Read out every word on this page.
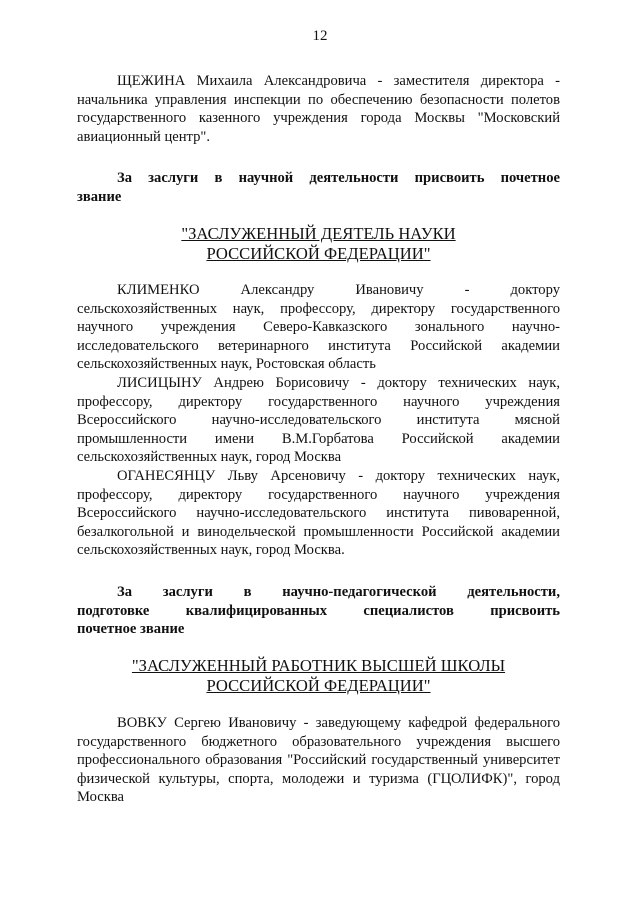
12
ЩЕЖИНА Михаила Александровича - заместителя директора - начальника управления инспекции по обеспечению безопасности полетов государственного казенного учреждения города Москвы "Московский авиационный центр".

За заслуги в научной деятельности присвоить почетное

звание

"ЗАСЛУЖЕННЫЙ ДЕЯТЕЛЬ НАУКИ
РОССИЙСКОЙ ФЕДЕРАЦИИ"

КЛИМЕНКО Александру Ивановичу - доктору

сельскохозяйственных наук, профессору, директору государственного научного учреждения Северо-Кавказского зонального научно-исследовательского ветеринарного института Российской академии сельскохозяйственных наук, Ростовская область

ЛИСИЦЫНУ Андрею Борисовичу - доктору технических наук, профессору, директору государственного научного учреждения Всероссийского научно-исследовательского института мясной промышленности имени В.М.Горбатова Российской академии сельскохозяйственных наук, город Москва
ОГАНЕСЯНЦУ Льву Арсеновичу - доктору технических наук, профессору, директору государственного научного учреждения Всероссийского научно-исследовательского института пивоваренной, безалкогольной и винодельческой промышленности Российской академии сельскохозяйственных наук, город Москва.

За заслуги в научно-педагогической деятельности,

подготовке квалифицированных специалистов присвоить

почетное звание

"ЗАСЛУЖЕННЫЙ РАБОТНИК ВЫСШЕЙ ШКОЛЫ
РОССИЙСКОЙ ФЕДЕРАЦИИ"
ВОВКУ Сергею Ивановичу - заведующему кафедрой федерального государственного бюджетного образовательного учреждения высшего профессионального образования "Российский государственный университет физической культуры, спорта, молодежи и туризма (ГЦОЛИФК)", город Москва
